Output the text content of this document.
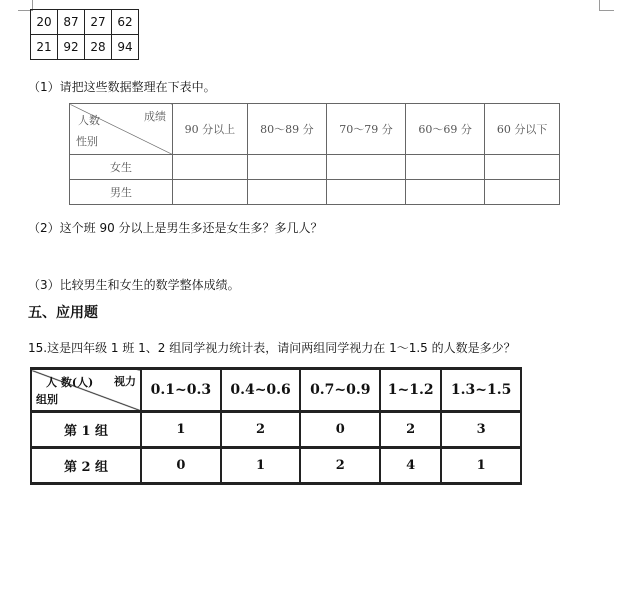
20	87	27	62
21	92	28	94
（1）请把这些数据整理在下表中。
人数 成绩
性别	90 分以上	80～89 分	70～79 分	60～69 分	60 分以下
女生					
男生					
（2）这个班 90 分以上是男生多还是女生多？多几人？
（3）比较男生和女生的数学整体成绩。
五、应用题
15.这是四年级 1 班 1、2 组同学视力统计表，请问两组同学视力在 1～1.5 的人数是多少？
人 数(人) 视力
组别	0.1~0.3	0.4~0.6	0.7~0.9	1~1.2	1.3~1.5
第 1 组	1	2	0	2	3
第 2 组	0	1	2	4	1
